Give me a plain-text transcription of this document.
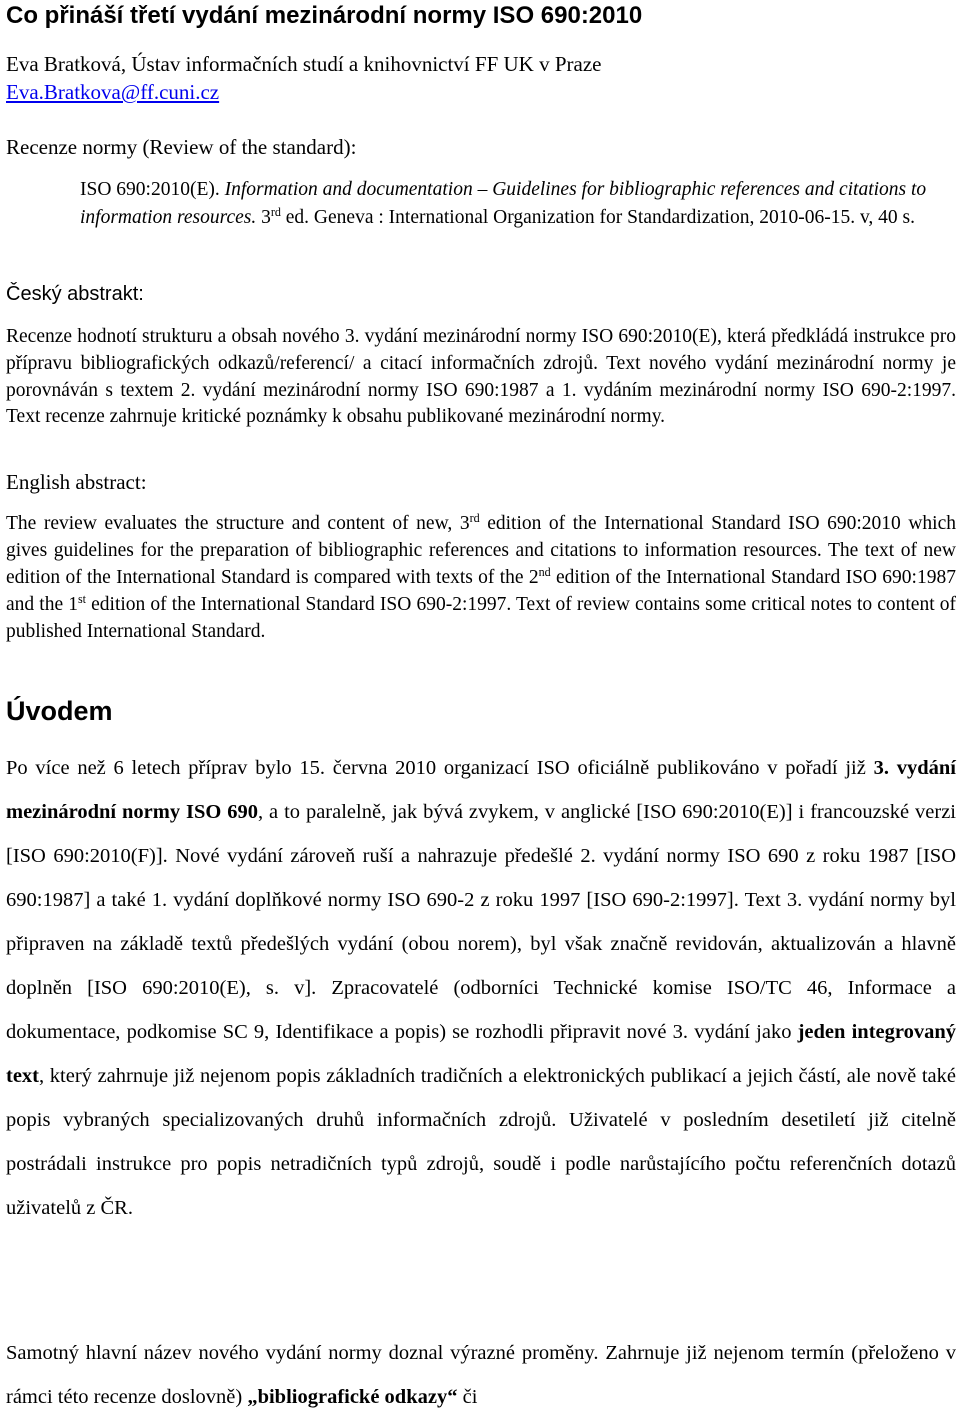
Co přináší třetí vydání mezinárodní normy ISO 690:2010
Eva Bratková, Ústav informačních studí a knihovnictví FF UK v Praze
Eva.Bratkova@ff.cuni.cz
Recenze normy (Review of the standard):
ISO 690:2010(E). Information and documentation – Guidelines for bibliographic references and citations to information resources. 3rd ed. Geneva : International Organization for Standardization, 2010-06-15. v, 40 s.
Český abstrakt:
Recenze hodnotí strukturu a obsah nového 3. vydání mezinárodní normy ISO 690:2010(E), která předkládá instrukce pro přípravu bibliografických odkazů/referencí/ a citací informačních zdrojů. Text nového vydání mezinárodní normy je porovnáván s textem 2. vydání mezinárodní normy ISO 690:1987 a 1. vydáním mezinárodní normy ISO 690-2:1997. Text recenze zahrnuje kritické poznámky k obsahu publikované mezinárodní normy.
English abstract:
The review evaluates the structure and content of new, 3rd edition of the International Standard ISO 690:2010 which gives guidelines for the preparation of bibliographic references and citations to information resources. The text of new edition of the International Standard is compared with texts of the 2nd edition of the International Standard ISO 690:1987 and the 1st edition of the International Standard ISO 690-2:1997. Text of review contains some critical notes to content of published International Standard.
Úvodem
Po více než 6 letech příprav bylo 15. června 2010 organizací ISO oficiálně publikováno v pořadí již 3. vydání mezinárodní normy ISO 690, a to paralelně, jak bývá zvykem, v anglické [ISO 690:2010(E)] i francouzské verzi [ISO 690:2010(F)]. Nové vydání zároveň ruší a nahrazuje předešlé 2. vydání normy ISO 690 z roku 1987 [ISO 690:1987] a také 1. vydání doplňkové normy ISO 690-2 z roku 1997 [ISO 690-2:1997]. Text 3. vydání normy byl připraven na základě textů předešlých vydání (obou norem), byl však značně revidován, aktualizován a hlavně doplněn [ISO 690:2010(E), s. v]. Zpracovatelé (odborníci Technické komise ISO/TC 46, Informace a dokumentace, podkomise SC 9, Identifikace a popis) se rozhodli připravit nové 3. vydání jako jeden integrovaný text, který zahrnuje již nejenom popis základních tradičních a elektronických publikací a jejich částí, ale nově také popis vybraných specializovaných druhů informačních zdrojů. Uživatelé v posledním desetiletí již citelně postrádali instrukce pro popis netradičních typů zdrojů, soudě i podle narůstajícího počtu referenčních dotazů uživatelů z ČR.
Samotný hlavní název nového vydání normy doznal výrazné proměny. Zahrnuje již nejenom termín (přeloženo v rámci této recenze doslovně) „bibliografické odkazy“ či
